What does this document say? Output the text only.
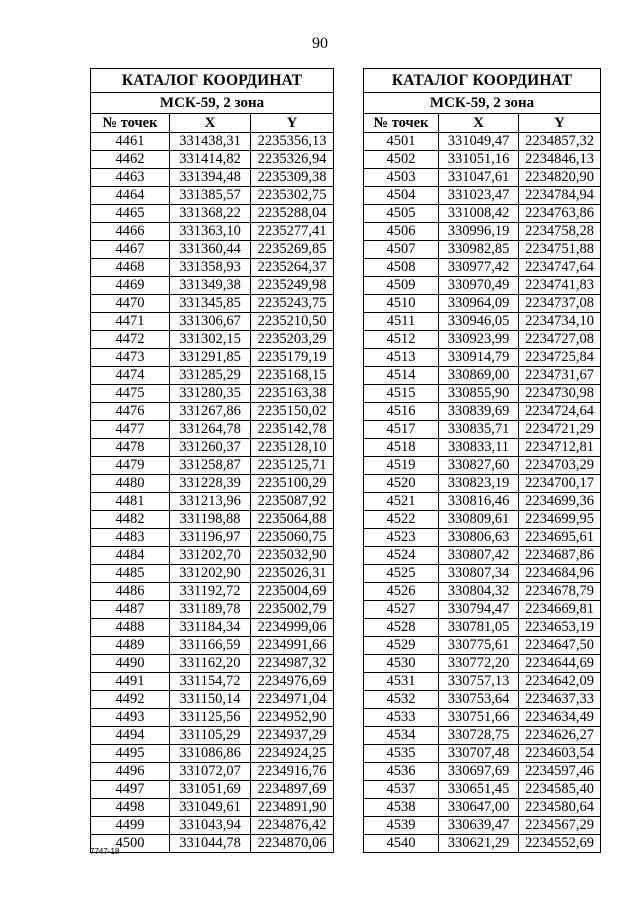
90
КАТАЛОГ КООРДИНАТ		
МСК-59, 2 зона		
№ точек	X	Y
4461	331438,31	2235356,13
4462	331414,82	2235326,94
4463	331394,48	2235309,38
4464	331385,57	2235302,75
4465	331368,22	2235288,04
4466	331363,10	2235277,41
4467	331360,44	2235269,85
4468	331358,93	2235264,37
4469	331349,38	2235249,98
4470	331345,85	2235243,75
4471	331306,67	2235210,50
4472	331302,15	2235203,29
4473	331291,85	2235179,19
4474	331285,29	2235168,15
4475	331280,35	2235163,38
4476	331267,86	2235150,02
4477	331264,78	2235142,78
4478	331260,37	2235128,10
4479	331258,87	2235125,71
4480	331228,39	2235100,29
4481	331213,96	2235087,92
4482	331198,88	2235064,88
4483	331196,97	2235060,75
4484	331202,70	2235032,90
4485	331202,90	2235026,31
4486	331192,72	2235004,69
4487	331189,78	2235002,79
4488	331184,34	2234999,06
4489	331166,59	2234991,66
4490	331162,20	2234987,32
4491	331154,72	2234976,69
4492	331150,14	2234971,04
4493	331125,56	2234952,90
4494	331105,29	2234937,29
4495	331086,86	2234924,25
4496	331072,07	2234916,76
4497	331051,69	2234897,69
4498	331049,61	2234891,90
4499	331043,94	2234876,42
4500	331044,78	2234870,06
КАТАЛОГ КООРДИНАТ		
МСК-59, 2 зона		
№ точек	X	Y
4501	331049,47	2234857,32
4502	331051,16	2234846,13
4503	331047,61	2234820,90
4504	331023,47	2234784,94
4505	331008,42	2234763,86
4506	330996,19	2234758,28
4507	330982,85	2234751,88
4508	330977,42	2234747,64
4509	330970,49	2234741,83
4510	330964,09	2234737,08
4511	330946,05	2234734,10
4512	330923,99	2234727,08
4513	330914,79	2234725,84
4514	330869,00	2234731,67
4515	330855,90	2234730,98
4516	330839,69	2234724,64
4517	330835,71	2234721,29
4518	330833,11	2234712,81
4519	330827,60	2234703,29
4520	330823,19	2234700,17
4521	330816,46	2234699,36
4522	330809,61	2234699,95
4523	330806,63	2234695,61
4524	330807,42	2234687,86
4525	330807,34	2234684,96
4526	330804,32	2234678,79
4527	330794,47	2234669,81
4528	330781,05	2234653,19
4529	330775,61	2234647,50
4530	330772,20	2234644,69
4531	330757,13	2234642,09
4532	330753,64	2234637,33
4533	330751,66	2234634,49
4534	330728,75	2234626,27
4535	330707,48	2234603,54
4536	330697,69	2234597,46
4537	330651,45	2234585,40
4538	330647,00	2234580,64
4539	330639,47	2234567,29
4540	330621,29	2234552,69
7747-18
